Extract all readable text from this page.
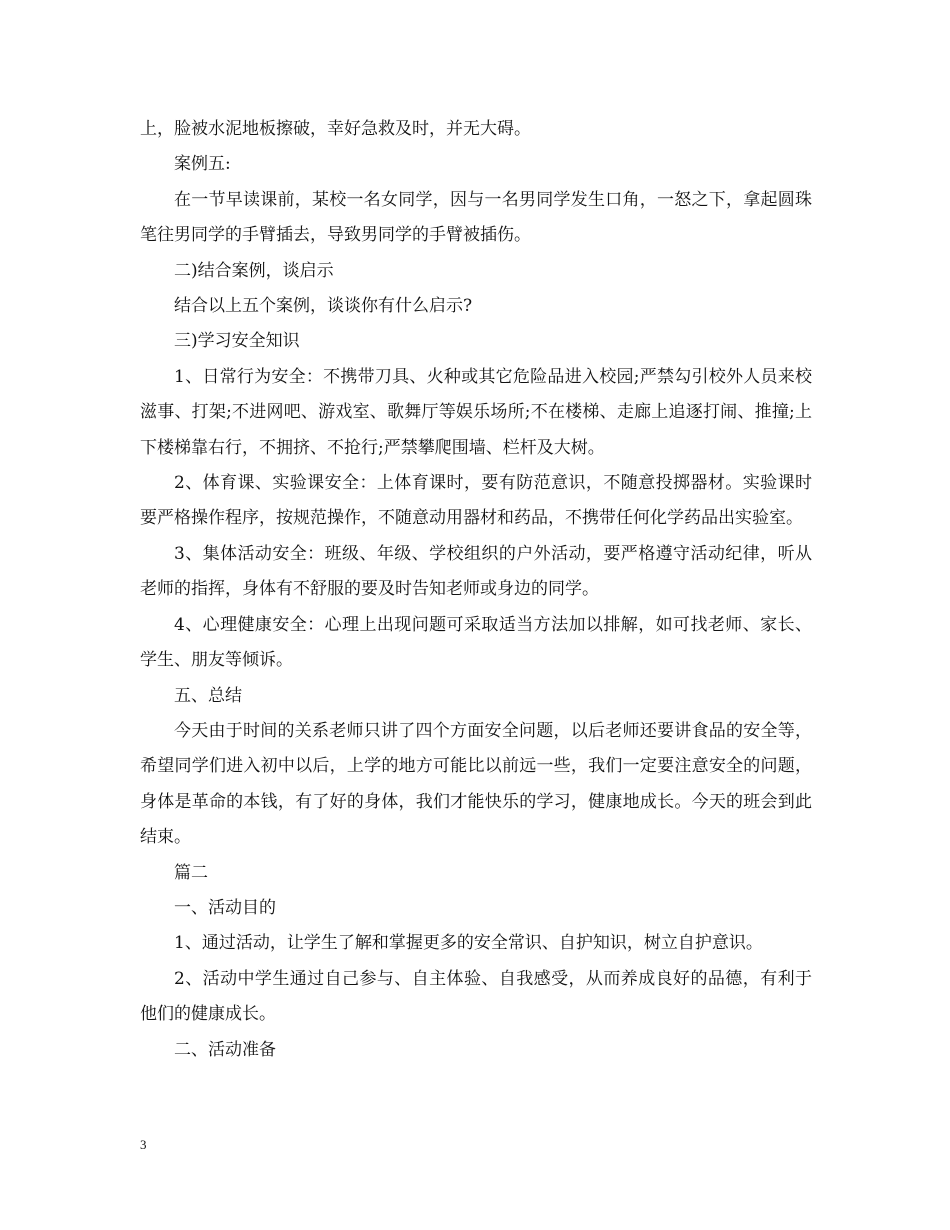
上，脸被水泥地板擦破，幸好急救及时，并无大碍。

案例五:

在一节早读课前，某校一名女同学，因与一名男同学发生口角，一怒之下，拿起圆珠笔往男同学的手臂插去，导致男同学的手臂被插伤。

二)结合案例，谈启示

结合以上五个案例，谈谈你有什么启示?

三)学习安全知识

1、日常行为安全：不携带刀具、火种或其它危险品进入校园;严禁勾引校外人员来校滋事、打架;不进网吧、游戏室、歌舞厅等娱乐场所;不在楼梯、走廊上追逐打闹、推撞;上下楼梯靠右行，不拥挤、不抢行;严禁攀爬围墙、栏杆及大树。

2、体育课、实验课安全：上体育课时，要有防范意识，不随意投掷器材。实验课时要严格操作程序，按规范操作，不随意动用器材和药品，不携带任何化学药品出实验室。

3、集体活动安全：班级、年级、学校组织的户外活动，要严格遵守活动纪律，听从老师的指挥，身体有不舒服的要及时告知老师或身边的同学。

4、心理健康安全：心理上出现问题可采取适当方法加以排解，如可找老师、家长、学生、朋友等倾诉。

五、总结

今天由于时间的关系老师只讲了四个方面安全问题，以后老师还要讲食品的安全等，希望同学们进入初中以后，上学的地方可能比以前远一些，我们一定要注意安全的问题，身体是革命的本钱，有了好的身体，我们才能快乐的学习，健康地成长。今天的班会到此结束。

篇二

一、活动目的

1、通过活动，让学生了解和掌握更多的安全常识、自护知识，树立自护意识。

2、活动中学生通过自己参与、自主体验、自我感受，从而养成良好的品德，有利于他们的健康成长。

二、活动准备

3
